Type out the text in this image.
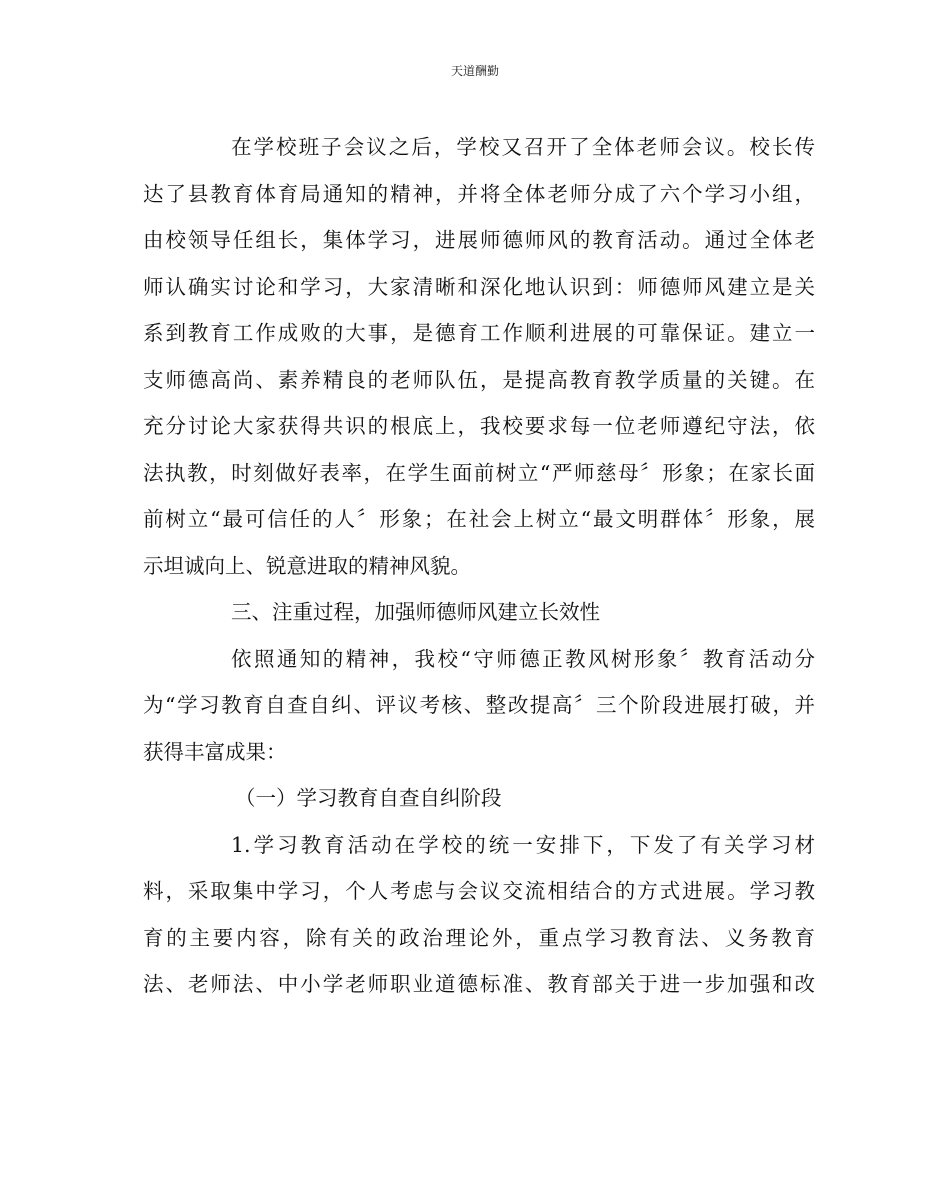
天道酬勤
在学校班子会议之后，学校又召开了全体老师会议。校长传
达了县教育体育局通知的精神，并将全体老师分成了六个学习小组，
由校领导任组长，集体学习，进展师德师风的教育活动。通过全体老
师认确实讨论和学习，大家清晰和深化地认识到：师德师风建立是关
系到教育工作成败的大事，是德育工作顺利进展的可靠保证。建立一
支师德高尚、素养精良的老师队伍，是提高教育教学质量的关键。在
充分讨论大家获得共识的根底上，我校要求每一位老师遵纪守法，依
法执教，时刻做好表率，在学生面前树立“严师慈母〞形象；在家长面
前树立“最可信任的人〞形象；在社会上树立“最文明群体〞形象，展
示坦诚向上、锐意进取的精神风貌。
三、注重过程，加强师德师风建立长效性
依照通知的精神，我校“守师德正教风树形象〞教育活动分
为“学习教育自查自纠、评议考核、整改提高〞三个阶段进展打破，并
获得丰富成果：
（一）学习教育自查自纠阶段
1.学习教育活动在学校的统一安排下，下发了有关学习材
料，采取集中学习，个人考虑与会议交流相结合的方式进展。学习教
育的主要内容，除有关的政治理论外，重点学习教育法、义务教育
法、老师法、中小学老师职业道德标准、教育部关于进一步加强和改
